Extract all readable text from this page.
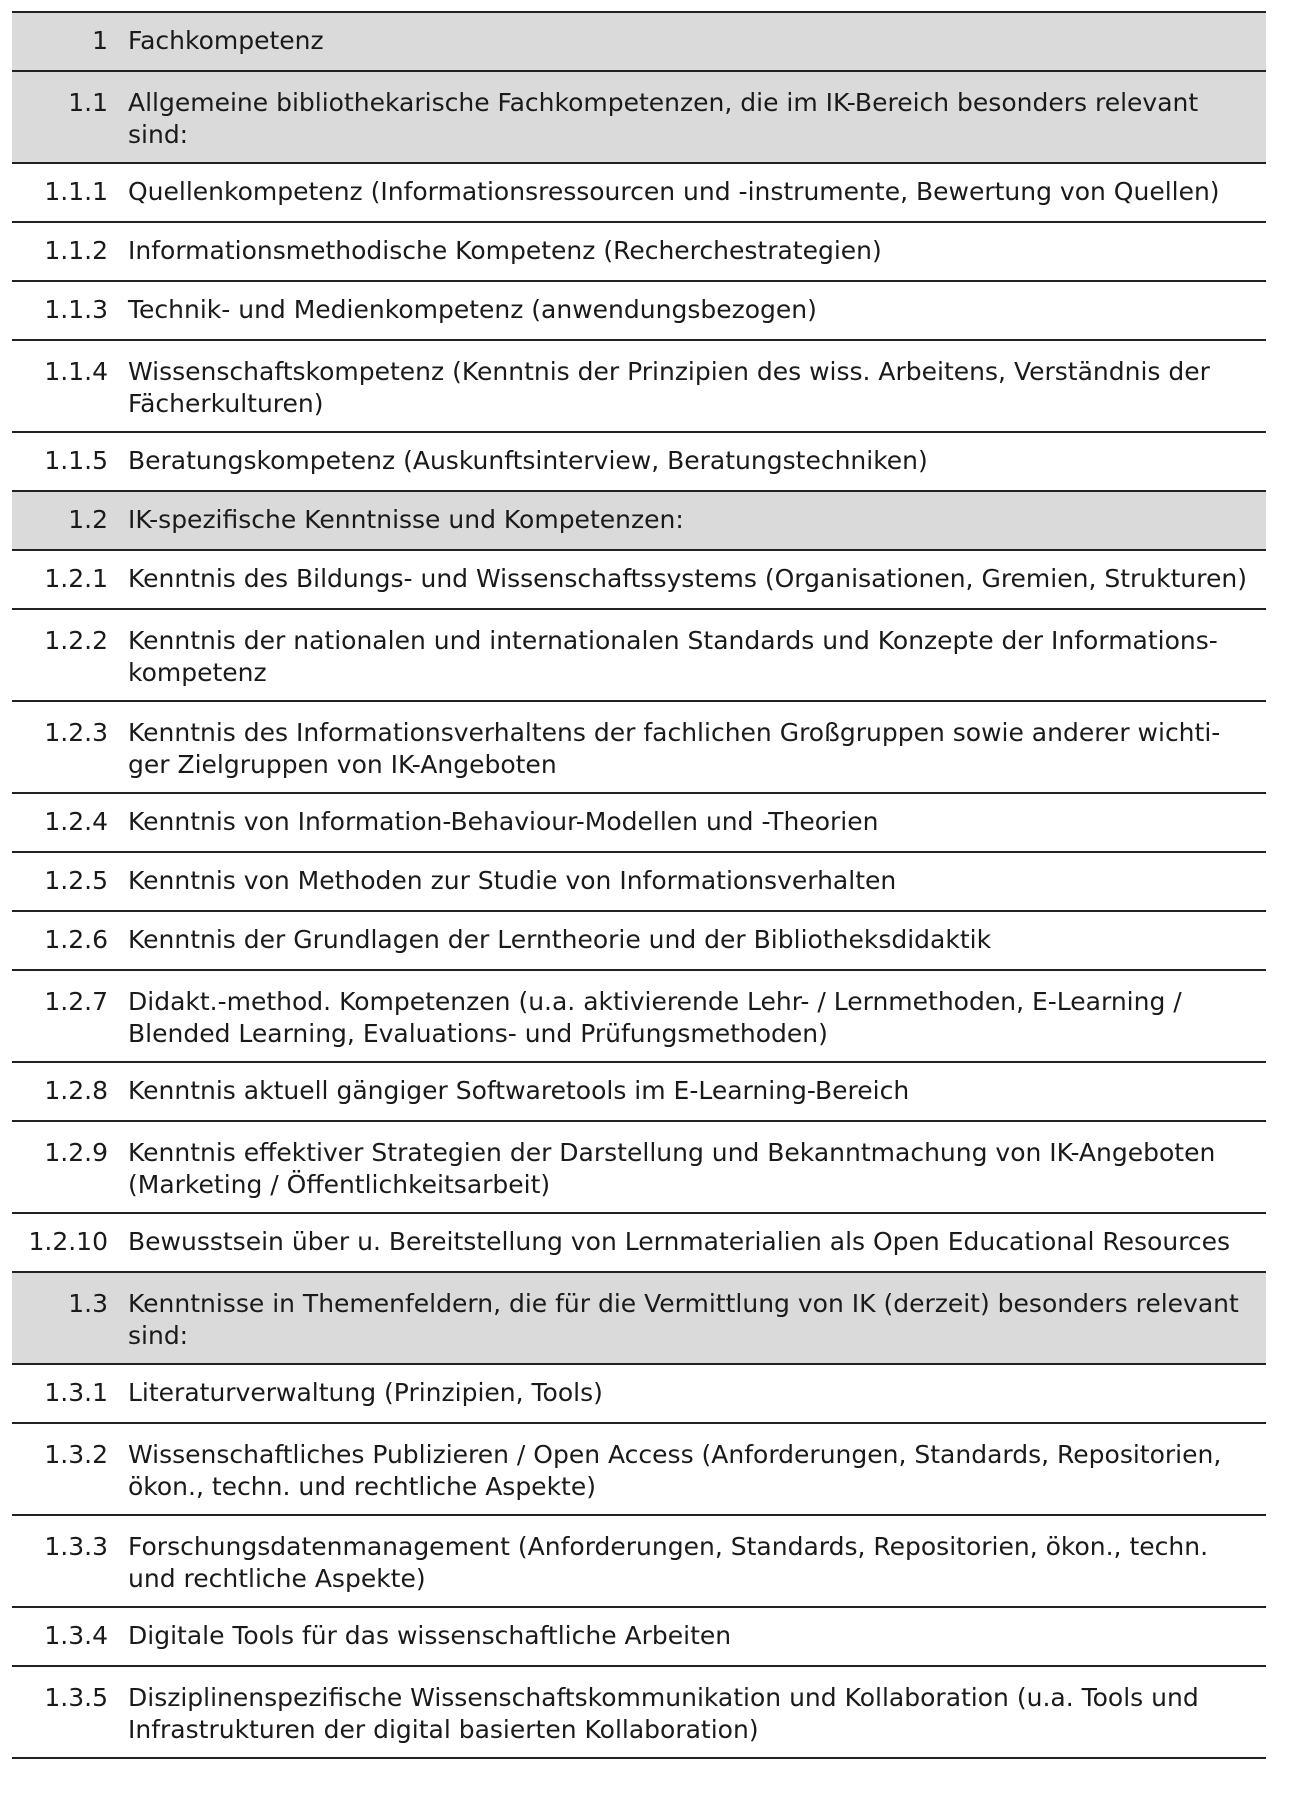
1 Fachkompetenz
1.1 Allgemeine bibliothekarische Fachkompetenzen, die im IK-Bereich besonders relevant sind:
1.1.1 Quellenkompetenz (Informationsressourcen und -instrumente, Bewertung von Quellen)
1.1.2 Informationsmethodische Kompetenz (Recherchestrategien)
1.1.3 Technik- und Medienkompetenz (anwendungsbezogen)
1.1.4 Wissenschaftskompetenz (Kenntnis der Prinzipien des wiss. Arbeitens, Verständnis der Fächerkulturen)
1.1.5 Beratungskompetenz (Auskunftsinterview, Beratungstechniken)
1.2 IK-spezifische Kenntnisse und Kompetenzen:
1.2.1 Kenntnis des Bildungs- und Wissenschaftssystems (Organisationen, Gremien, Strukturen)
1.2.2 Kenntnis der nationalen und internationalen Standards und Konzepte der Informations-kompetenz
1.2.3 Kenntnis des Informationsverhaltens der fachlichen Großgruppen sowie anderer wichti-ger Zielgruppen von IK-Angeboten
1.2.4 Kenntnis von Information-Behaviour-Modellen und -Theorien
1.2.5 Kenntnis von Methoden zur Studie von Informationsverhalten
1.2.6 Kenntnis der Grundlagen der Lerntheorie und der Bibliotheksdidaktik
1.2.7 Didakt.-method. Kompetenzen (u.a. aktivierende Lehr- / Lernmethoden, E-Learning / Blended Learning, Evaluations- und Prüfungsmethoden)
1.2.8 Kenntnis aktuell gängiger Softwaretools im E-Learning-Bereich
1.2.9 Kenntnis effektiver Strategien der Darstellung und Bekanntmachung von IK-Angeboten (Marketing / Öffentlichkeitsarbeit)
1.2.10 Bewusstsein über u. Bereitstellung von Lernmaterialien als Open Educational Resources
1.3 Kenntnisse in Themenfeldern, die für die Vermittlung von IK (derzeit) besonders relevant sind:
1.3.1 Literaturverwaltung (Prinzipien, Tools)
1.3.2 Wissenschaftliches Publizieren / Open Access (Anforderungen, Standards, Repositorien, ökon., techn. und rechtliche Aspekte)
1.3.3 Forschungsdatenmanagement (Anforderungen, Standards, Repositorien, ökon., techn. und rechtliche Aspekte)
1.3.4 Digitale Tools für das wissenschaftliche Arbeiten
1.3.5 Disziplinenspezifische Wissenschaftskommunikation und Kollaboration (u.a. Tools und Infrastrukturen der digital basierten Kollaboration)
